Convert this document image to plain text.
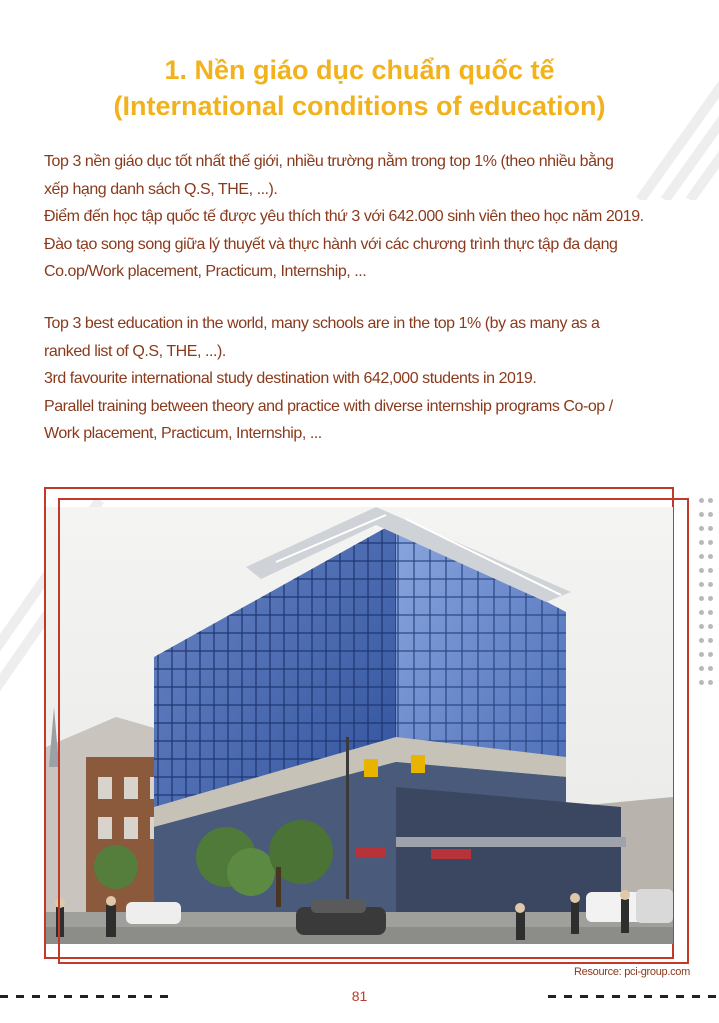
1. Nền giáo dục chuẩn quốc tế
(International conditions of education)

Top 3 nền giáo dục tốt nhất thế giới, nhiều trường nằm trong top 1% (theo nhiều bằng

xếp hạng danh sách Q.S, THE, ...).

Điểm đến học tập quốc tế được yêu thích thứ 3 với 642.000 sinh viên theo học năm 2019.

Đào tạo song song giữa lý thuyết và thực hành với các chương trình thực tập đa dạng

Co.op/Work placement, Practicum, Internship, ...

Top 3 best education in the world, many schools are in the top 1% (by as many as a

ranked list of Q.S, THE, ...).

3rd favourite international study destination with 642,000 students in 2019.

Parallel training between theory and practice with diverse internship programs Co-op /

Work placement, Practicum, Internship, ...

Resource: pci-group.com
81
